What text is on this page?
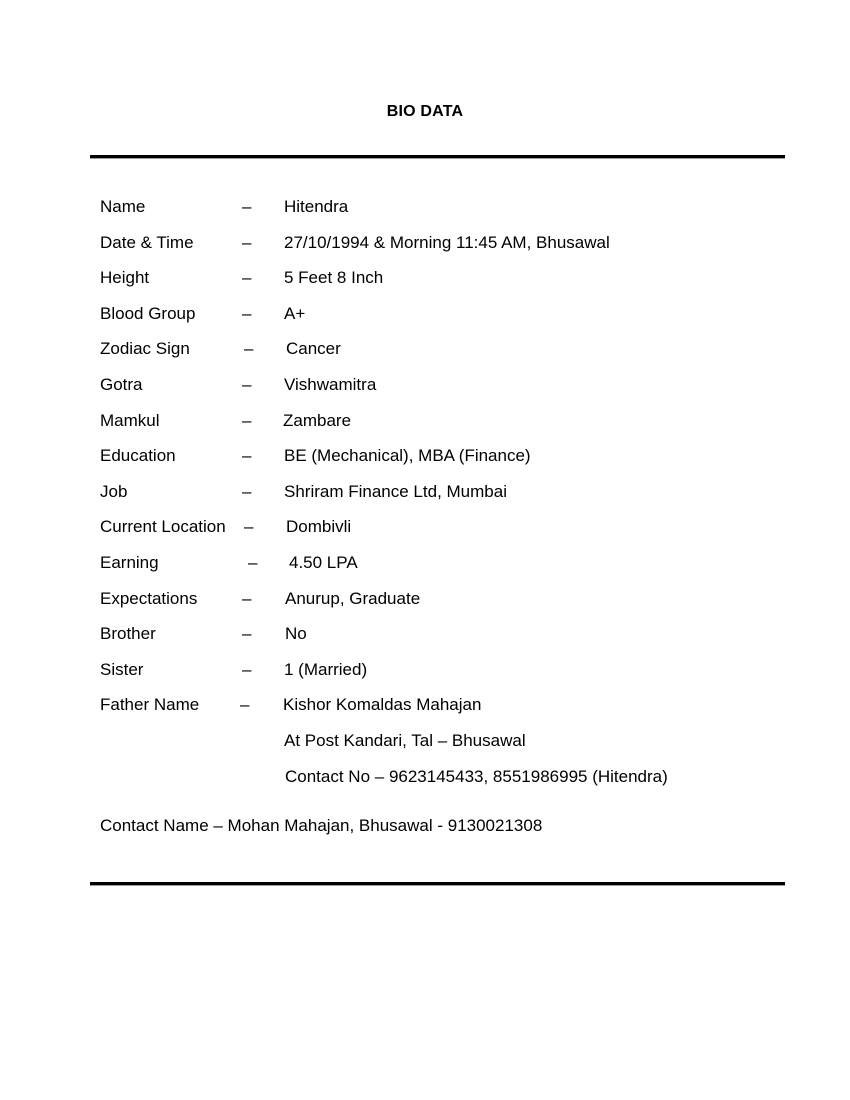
BIO DATA
Name	– Hitendra
Date & Time	– 27/10/1994 & Morning 11:45 AM, Bhusawal
Height	– 5 Feet 8 Inch
Blood Group	– A+
Zodiac Sign	– Cancer
Gotra	– Vishwamitra
Mamkul	– Zambare
Education	– BE (Mechanical), MBA (Finance)
Job	– Shriram Finance Ltd, Mumbai
Current Location – Dombivli
Earning	– 4.50 LPA
Expectations	– Anurup, Graduate
Brother	– No
Sister	– 1 (Married)
Father Name – Kishor Komaldas Mahajan
At Post Kandari, Tal – Bhusawal
Contact No – 9623145433, 8551986995 (Hitendra)
Contact Name – Mohan Mahajan, Bhusawal - 9130021308
